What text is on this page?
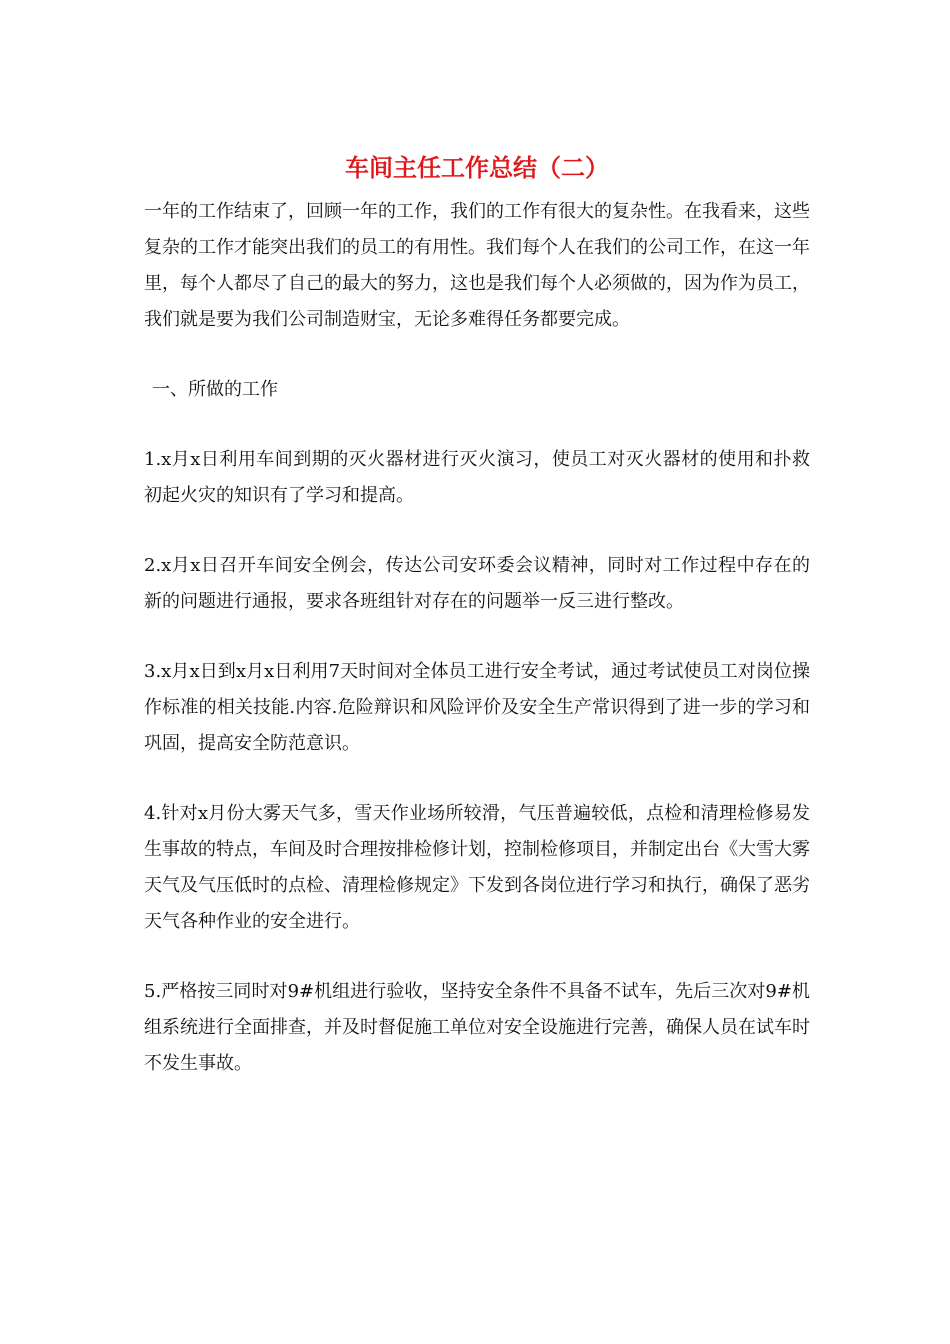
车间主任工作总结（二）

一年的工作结束了，回顾一年的工作，我们的工作有很大的复杂性。在我看来，这些复杂的工作才能突出我们的员工的有用性。我们每个人在我们的公司工作，在这一年里，每个人都尽了自己的最大的努力，这也是我们每个人必须做的，因为作为员工，我们就是要为我们公司制造财宝，无论多难得任务都要完成。

一、所做的工作

1.x月x日利用车间到期的灭火器材进行灭火演习，使员工对灭火器材的使用和扑救初起火灾的知识有了学习和提高。

2.x月x日召开车间安全例会，传达公司安环委会议精神，同时对工作过程中存在的新的问题进行通报，要求各班组针对存在的问题举一反三进行整改。

3.x月x日到x月x日利用7天时间对全体员工进行安全考试，通过考试使员工对岗位操作标准的相关技能.内容.危险辩识和风险评价及安全生产常识得到了进一步的学习和巩固，提高安全防范意识。

4.针对x月份大雾天气多，雪天作业场所较滑，气压普遍较低，点检和清理检修易发生事故的特点，车间及时合理按排检修计划，控制检修项目，并制定出台《大雪大雾天气及气压低时的点检、清理检修规定》下发到各岗位进行学习和执行，确保了恶劣天气各种作业的安全进行。

5.严格按三同时对9#机组进行验收，坚持安全条件不具备不试车，先后三次对9#机组系统进行全面排查，并及时督促施工单位对安全设施进行完善，确保人员在试车时不发生事故。
